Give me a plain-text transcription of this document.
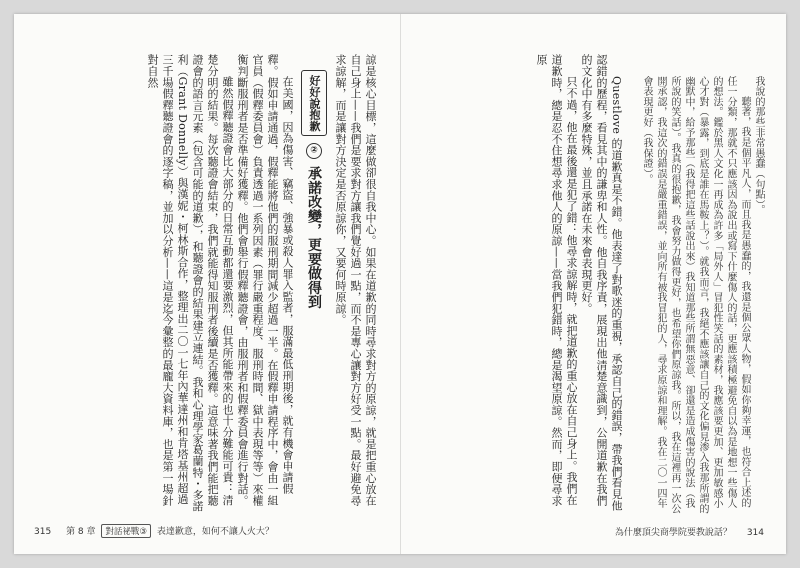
諒是核心目標，這麼做卻很自我中心。如果在道歉的同時尋求對方的原諒，就是把重心放在自己身上——我們是要求對方讓我們覺好過一點，而不是專心讓對方好受一點。最好避免尋求諒解，而是讓對方決定是否原諒你，又要何時原諒。

好好說抱歉 ② 承諾改變，更要做得到

在美國，因為傷害、竊盜、強暴或殺人罪入監者，服滿最低刑期後，就有機會申請假釋。假如申請通過，假釋能將他們的服刑期間減少超過一半。在假釋申請程序中，會由一組官員（假釋委員會）負責透過一系列因素（罪行嚴重程度、服刑時間、獄中表現等等）來權衡判斷服刑者是否準備好獲釋。他們會舉行假釋聽證會，由服刑者和假釋委員會進行對話。

雖然假釋聽證會比大部分的日常互動都還要激烈，但其所能帶來的也十分難能可貴：清楚分明的結果。每次聽證會結束，我們就能得知服刑者後續是否獲釋。這意味著我們能把聽證會的語言元素（包含可能的道歉），和聽證會的結果建立連結。我和心理學家葛蘭特・多諾利（Grant Donnelly）與漢妮・柯林斯合作，整理出二〇一七年內華達州和肯塔基州超過三千場假釋聽證會的逐字稿，並加以分析——這是迄今彙整的最龐大資料庫，也是第一場針對自然

315 第 8 章 對話祕戰③ 表達歉意，如何不讓人火大？

我說的那些非常愚蠢（句點）。

聽著，我是個平凡人，而且我是愚蠢的，我還是個公眾人物，假如你夠幸運，也符合上述的任一分類，那就不只應該因為說出或寫下什麼傷人的話，更應該積極避免自以為是地想一些傷人的想法。鑑於黑人文化一再成為許多「局外人」冒犯性笑話的素材，我應該要更加、更加敏感小心才對（暴露，到底是誰在馬鞍上？）。就我而言，我絕不應該讓自己的文化偏見渗入我那所謂的幽默中，給予那些（我得把這些話說出來）我知道那些所謂無惡意、卻還是造成傷害的說法（我所說的笑話）。我真的很抱歉，我會努力做得更好，也希望你們原諒我。所以，我在這裡再一次公開承認，我這次的錯誤是嚴重錯誤，並向所有被我冒犯的人，尋求原諒和理解。我在二〇一四年會表現更好（我保證）。

Questlove 的道歉真是不錯。他表達了對歌迷的重視，承認自己的錯誤，帶我們看見他認錯的歷程，看見其中的謙卑和人性。他自我序責，展現出他清楚意識到，公開道歉在我們的文化中有多麼特殊，並且承諾在未來會表現更好。

只不過，他在最後還是犯了錯：他尋求諒解時，就把道歉的重心放在自己身上。我們在道歉時，總是忍不住想尋求他人的原諒——當我們犯錯時，總是渴望原諒。然而，即便尋求原

為什麼頂尖商學院要教說話？ 314
